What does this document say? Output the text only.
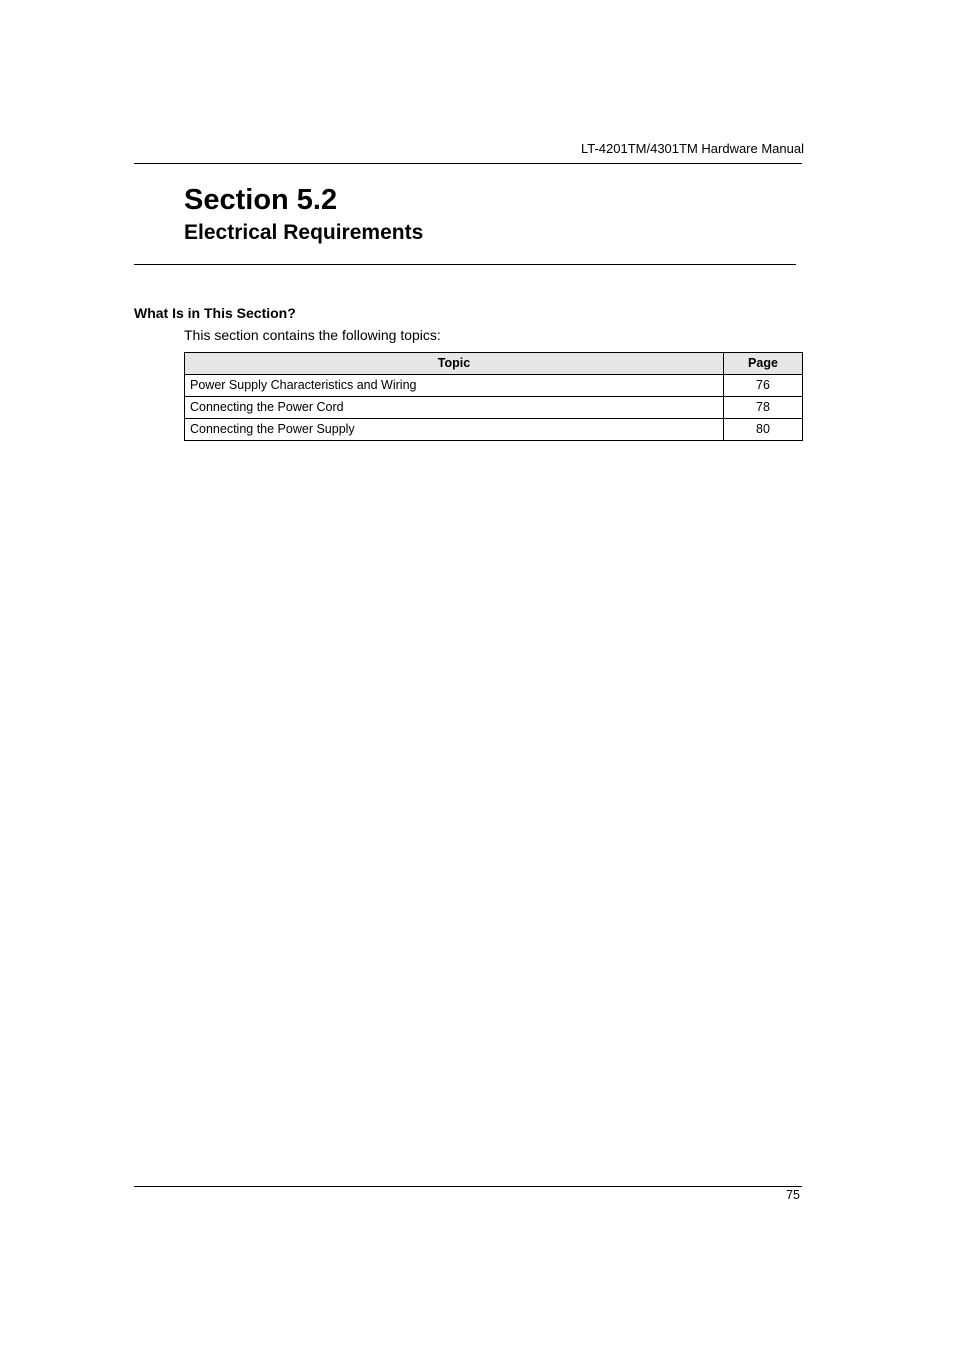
LT-4201TM/4301TM Hardware Manual
Section 5.2
Electrical Requirements
What Is in This Section?
This section contains the following topics:
Topic	Page
Power Supply Characteristics and Wiring	76
Connecting the Power Cord	78
Connecting the Power Supply	80
75
